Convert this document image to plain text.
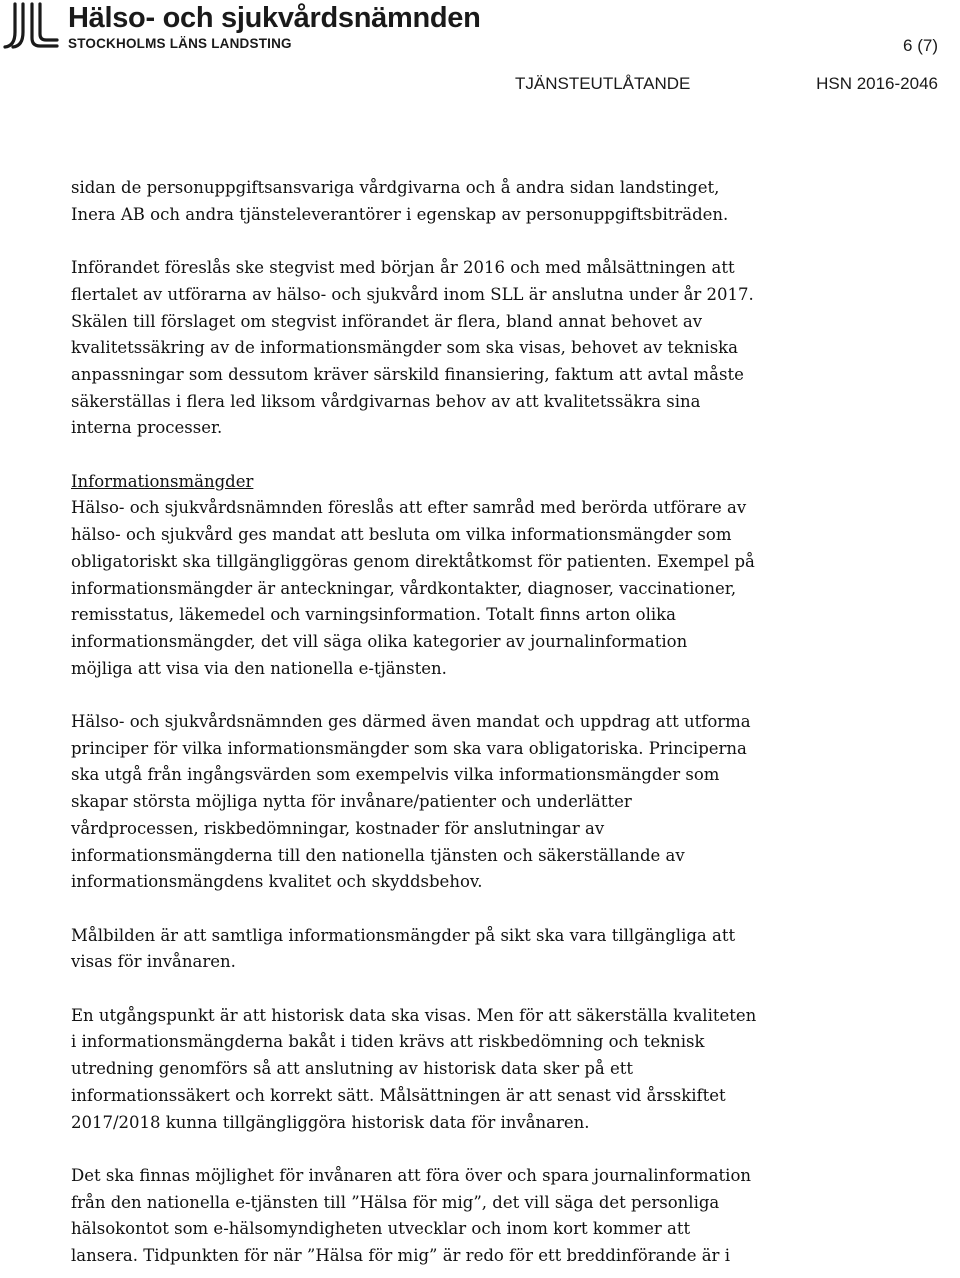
Hälso- och sjukvårdsnämnden
STOCKHOLMS LÄNS LANDSTING	6 (7)
TJÄNSTEUTLÅTANDE	HSN 2016-2046

sidan de personuppgiftsansvariga vårdgivarna och å andra sidan landstinget,
Inera AB och andra tjänsteleverantörer i egenskap av personuppgiftsbiträden.

Införandet föreslås ske stegvist med början år 2016 och med målsättningen att
flertalet av utförarna av hälso- och sjukvård inom SLL är anslutna under år 2017.
Skälen till förslaget om stegvist införandet är flera, bland annat behovet av
kvalitetssäkring av de informationsmängder som ska visas, behovet av tekniska
anpassningar som dessutom kräver särskild finansiering, faktum att avtal måste
säkerställas i flera led liksom vårdgivarnas behov av att kvalitetssäkra sina
interna processer.

Informationsmängder

Hälso- och sjukvårdsnämnden föreslås att efter samråd med berörda utförare av
hälso- och sjukvård ges mandat att besluta om vilka informationsmängder som
obligatoriskt ska tillgängliggöras genom direktåtkomst för patienten. Exempel på
informationsmängder är anteckningar, vårdkontakter, diagnoser, vaccinationer,
remisstatus, läkemedel och varningsinformation. Totalt finns arton olika
informationsmängder, det vill säga olika kategorier av journalinformation
möjliga att visa via den nationella e-tjänsten.

Hälso- och sjukvårdsnämnden ges därmed även mandat och uppdrag att utforma
principer för vilka informationsmängder som ska vara obligatoriska. Principerna
ska utgå från ingångsvärden som exempelvis vilka informationsmängder som
skapar största möjliga nytta för invånare/patienter och underlätter
vårdprocessen, riskbedömningar, kostnader för anslutningar av
informationsmängderna till den nationella tjänsten och säkerställande av
informationsmängdens kvalitet och skyddsbehov.

Målbilden är att samtliga informationsmängder på sikt ska vara tillgängliga att
visas för invånaren.

En utgångspunkt är att historisk data ska visas. Men för att säkerställa kvaliteten
i informationsmängderna bakåt i tiden krävs att riskbedömning och teknisk
utredning genomförs så att anslutning av historisk data sker på ett
informationssäkert och korrekt sätt. Målsättningen är att senast vid årsskiftet
2017/2018 kunna tillgängliggöra historisk data för invånaren.

Det ska finnas möjlighet för invånaren att föra över och spara journalinformation
från den nationella e-tjänsten till ”Hälsa för mig”, det vill säga det personliga
hälsokontot som e-hälsomyndigheten utvecklar och inom kort kommer att
lansera. Tidpunkten för när ”Hälsa för mig” är redo för ett breddinförande är i
